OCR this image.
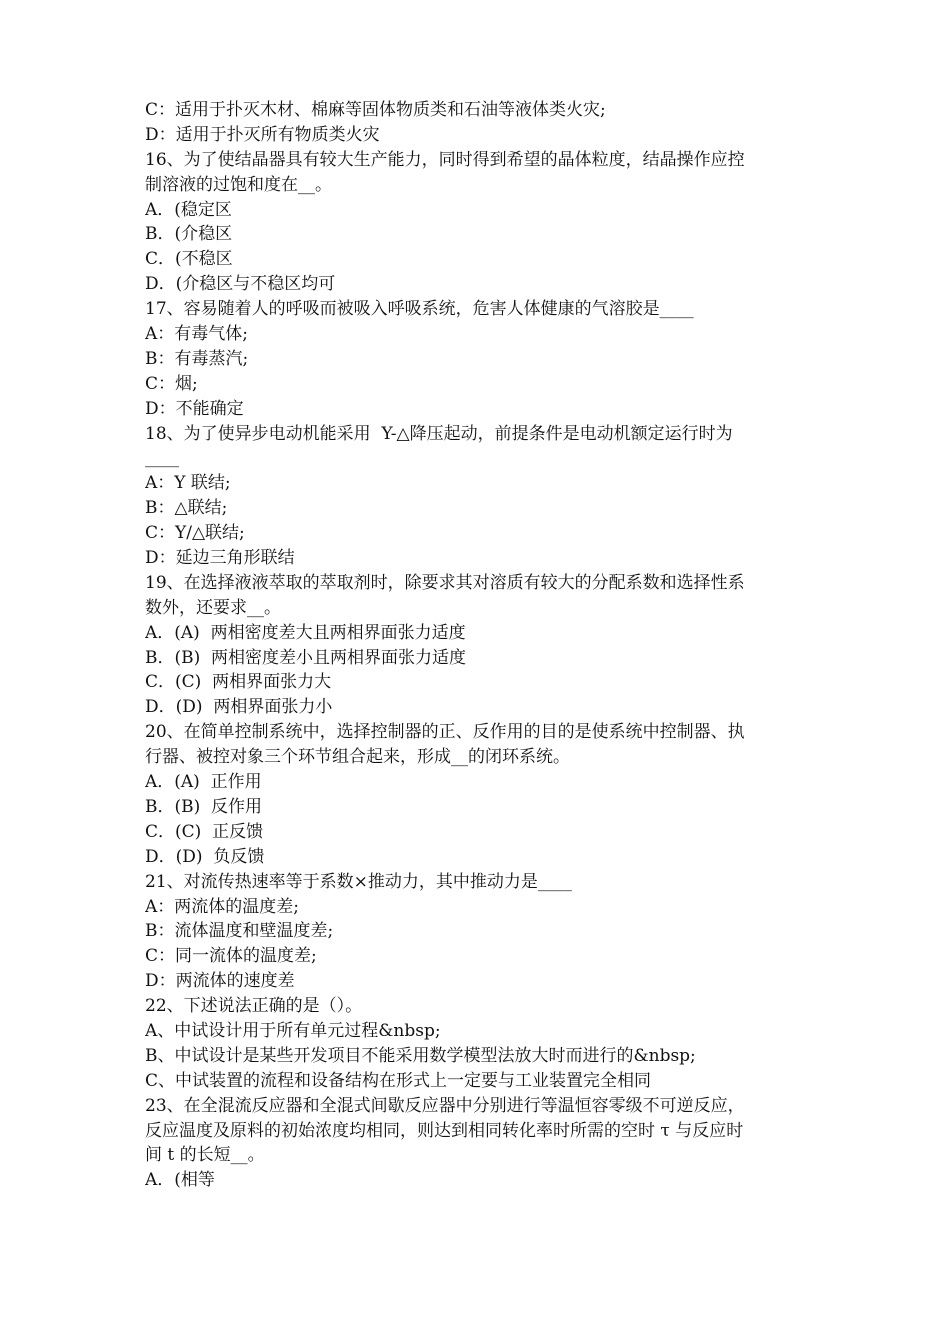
C：适用于扑灭木材、棉麻等固体物质类和石油等液体类火灾;
D：适用于扑灭所有物质类火灾
16、为了使结晶器具有较大生产能力，同时得到希望的晶体粒度，结晶操作应控
制溶液的过饱和度在__。
A．(稳定区
B．(介稳区
C．(不稳区
D．(介稳区与不稳区均可
17、容易随着人的呼吸而被吸入呼吸系统，危害人体健康的气溶胶是____
A：有毒气体;
B：有毒蒸汽;
C：烟;
D：不能确定
18、为了使异步电动机能采用  Y-△降压起动，前提条件是电动机额定运行时为
____
A：Y 联结;
B：△联结;
C：Y/△联结;
D：延边三角形联结
19、在选择液液萃取的萃取剂时，除要求其对溶质有较大的分配系数和选择性系
数外，还要求__。
A．(A)  两相密度差大且两相界面张力适度
B．(B)  两相密度差小且两相界面张力适度
C．(C)  两相界面张力大
D．(D)  两相界面张力小
20、在简单控制系统中，选择控制器的正、反作用的目的是使系统中控制器、执
行器、被控对象三个环节组合起来，形成__的闭环系统。
A．(A)  正作用
B．(B)  反作用
C．(C)  正反馈
D．(D)  负反馈
21、对流传热速率等于系数×推动力，其中推动力是____
A：两流体的温度差;
B：流体温度和壁温度差;
C：同一流体的温度差;
D：两流体的速度差
22、下述说法正确的是（）。
A、中试设计用于所有单元过程&nbsp;
B、中试设计是某些开发项目不能采用数学模型法放大时而进行的&nbsp;
C、中试装置的流程和设备结构在形式上一定要与工业装置完全相同
23、在全混流反应器和全混式间歇反应器中分别进行等温恒容零级不可逆反应，
反应温度及原料的初始浓度均相同，则达到相同转化率时所需的空时 τ 与反应时
间 t 的长短__。
A．(相等
